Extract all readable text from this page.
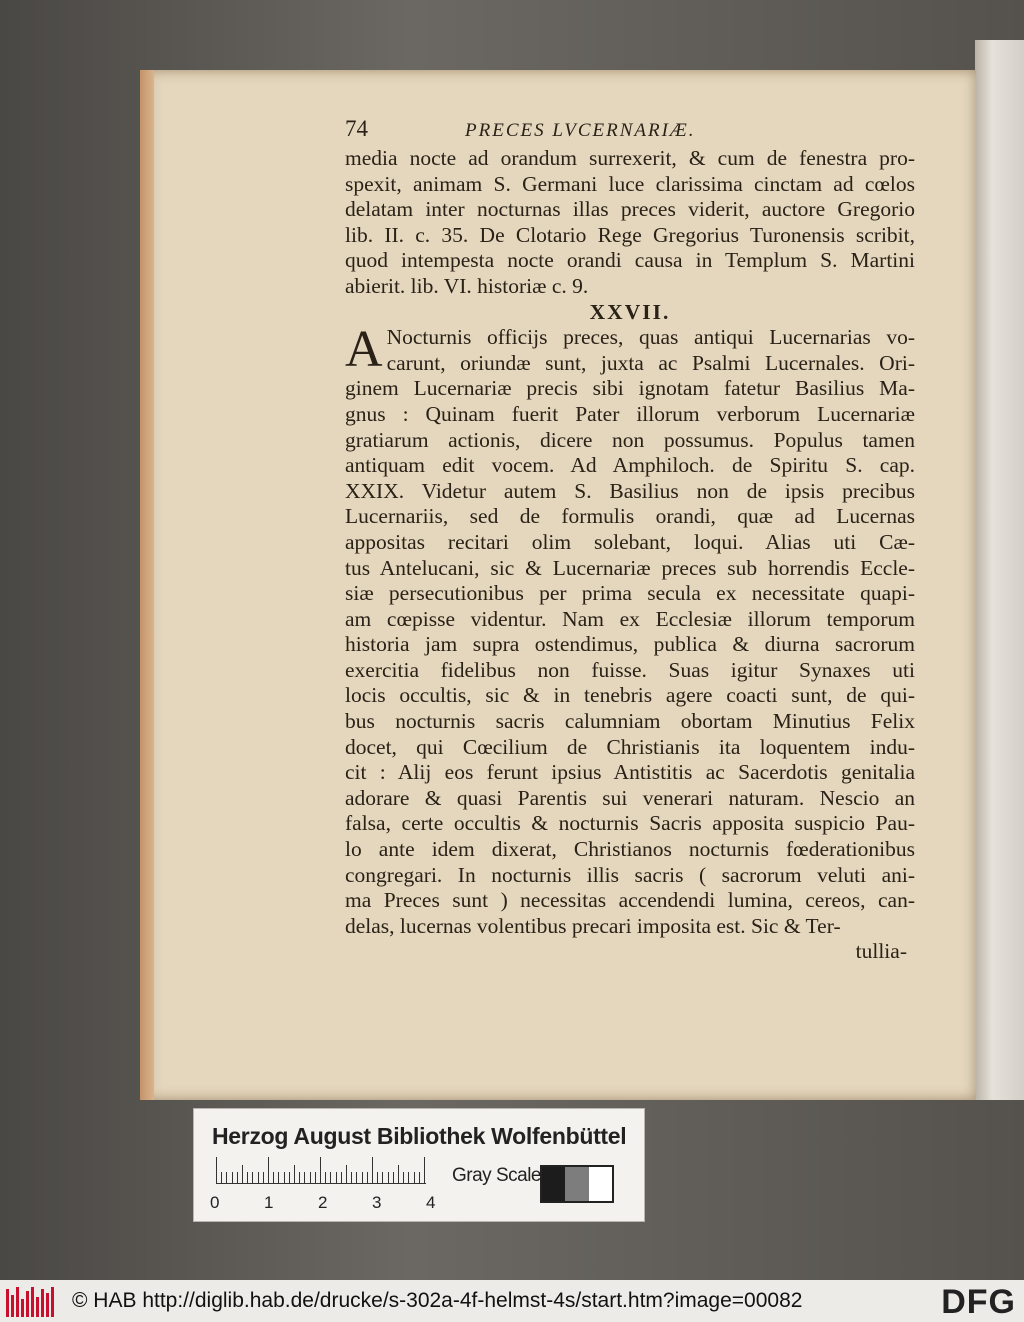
74	PRECES LVCERNARIÆ.
media nocte ad orandum surrexerit, & cum de fenestra pro-
spexit, animam S. Germani luce clarissima cinctam ad cœlos
delatam inter nocturnas illas preces viderit, auctore Gregorio
lib. II. c. 35. De Clotario Rege Gregorius Turonensis scribit,
quod intempesta nocte orandi causa in Templum S. Martini
abierit. lib. VI. historiæ c. 9.
XXVII.
A Nocturnis officijs preces, quas antiqui Lucernarias vo-
carunt, oriundæ sunt, juxta ac Psalmi Lucernales. Ori-
ginem Lucernariæ precis sibi ignotam fatetur Basilius Ma-
gnus : Quinam fuerit Pater illorum verborum Lucernariæ
gratiarum actionis, dicere non possumus. Populus tamen
antiquam edit vocem. Ad Amphiloch. de Spiritu S. cap.
XXIX. Videtur autem S. Basilius non de ipsis precibus
Lucernariis, sed de formulis orandi, quæ ad Lucernas
appositas recitari olim solebant, loqui. Alias uti Cæ-
tus Antelucani, sic & Lucernariæ preces sub horrendis Eccle-
siæ persecutionibus per prima secula ex necessitate quapi-
am cœpisse videntur. Nam ex Ecclesiæ illorum temporum
historia jam supra ostendimus, publica & diurna sacrorum
exercitia fidelibus non fuisse. Suas igitur Synaxes uti
locis occultis, sic & in tenebris agere coacti sunt, de qui-
bus nocturnis sacris calumniam obortam Minutius Felix
docet, qui Cœcilium de Christianis ita loquentem indu-
cit : Alij eos ferunt ipsius Antistitis ac Sacerdotis genitalia
adorare & quasi Parentis sui venerari naturam. Nescio an
falsa, certe occultis & nocturnis Sacris apposita suspicio Pau-
lo ante idem dixerat, Christianos nocturnis fœderationibus
congregari. In nocturnis illis sacris ( sacrorum veluti ani-
ma Preces sunt ) necessitas accendendi lumina, cereos, can-
delas, lucernas volentibus precari imposita est. Sic & Ter-
tullia-
Herzog August Bibliothek Wolfenbüttel
0	1	2	3	4
Gray Scale
© HAB http://diglib.hab.de/drucke/s-302a-4f-helmst-4s/start.htm?image=00082	DFG
